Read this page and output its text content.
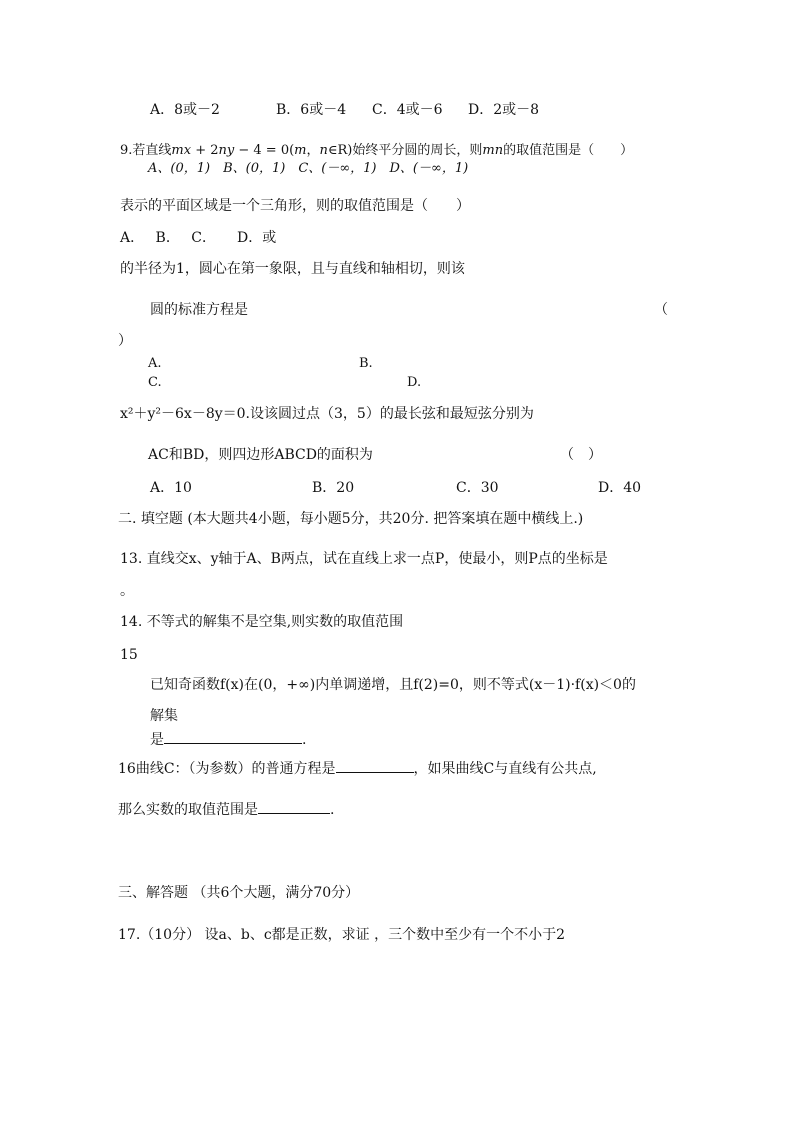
A．8或－2	B．6或－4 C．4或－6 D．2或－8
9.若直线mx + 2ny − 4 = 0(m，n∈R)始终平分圆的周长，则mn的取值范围是（　　）
A、(0，1)　B、(0，1)　C、(－∞，1)　D、(－∞，1)
表示的平面区域是一个三角形，则的取值范围是（　　）
A．　 B．　 C．　　D．或
的半径为1，圆心在第一象限，且与直线和轴相切，则该
圆的标准方程是	（
）
A.	B.
C.	D.
x²＋y²－6x－8y＝0.设该圆过点（3，5）的最长弦和最短弦分别为
AC和BD，则四边形ABCD的面积为	（　）
A．10	B．20	C．30	D．40
二. 填空题 (本大题共4小题，每小题5分，共20分. 把答案填在题中横线上.)
13. 直线交x、y轴于A、B两点，试在直线上求一点P，使最小，则P点的坐标是
。
14. 不等式的解集不是空集,则实数的取值范围
15
已知奇函数f(x)在(0，+∞)内单调递增，且f(2)=0，则不等式(x－1)·f(x)＜0的
解集
是	.
16曲线C：（为参数）的普通方程是	，如果曲线C与直线有公共点,
那么实数的取值范围是	.
三、解答题 （共6个大题，满分70分）
17.（10分） 设a、b、c都是正数，求证 ，三个数中至少有一个不小于2
